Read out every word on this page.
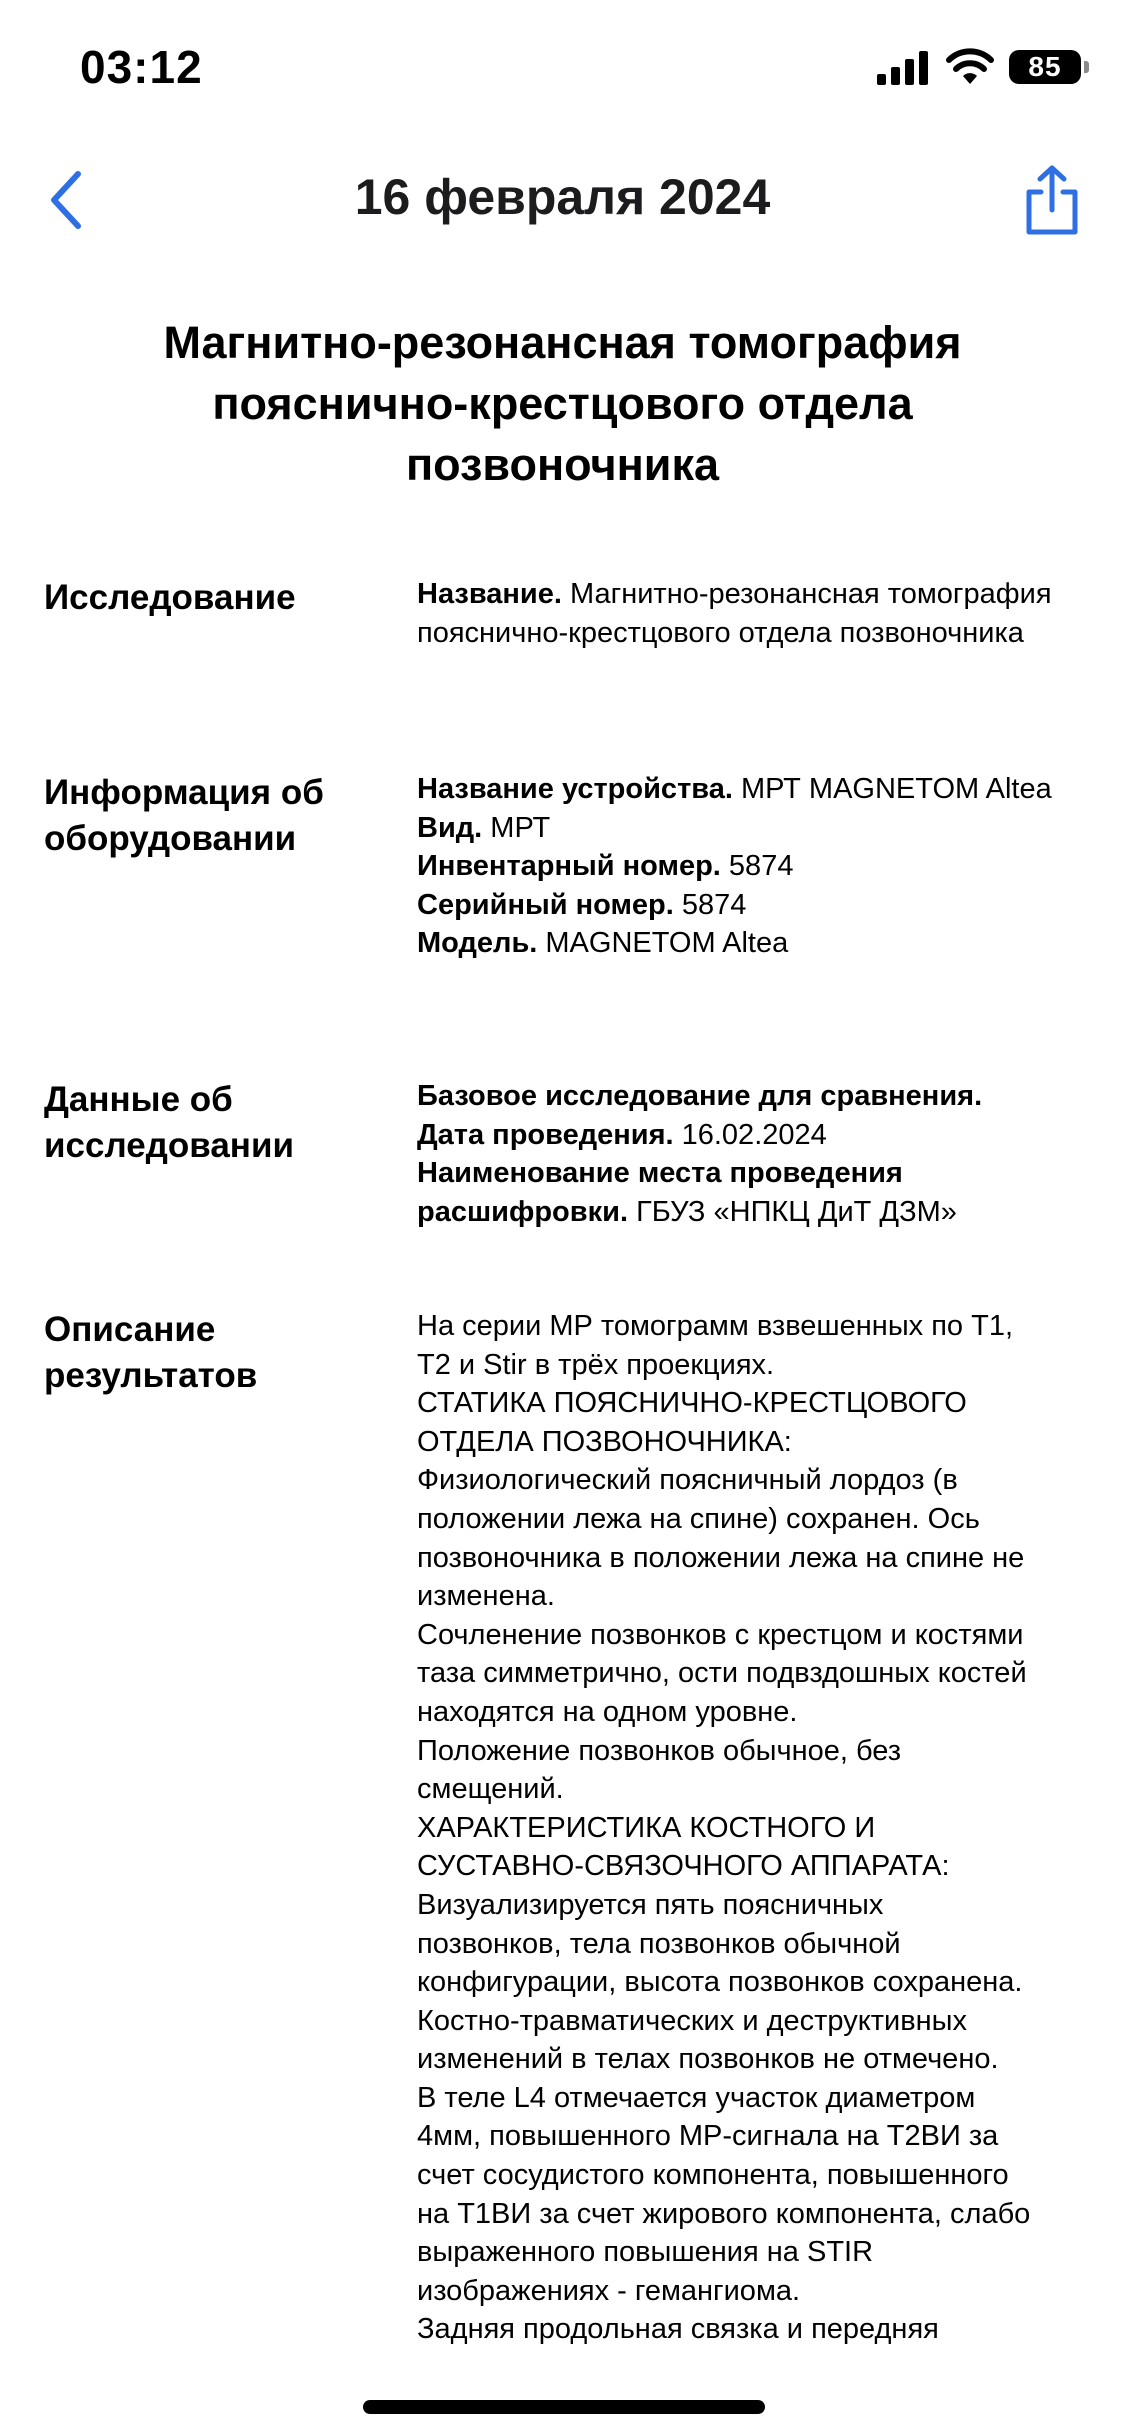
03:12	85
16 февраля 2024
Магнитно-резонансная томография пояснично-крестцового отдела позвоночника
Исследование	Название. Магнитно-резонансная томография пояснично-крестцового отдела позвоночника
Информация об оборудовании
Название устройства. МРТ MAGNETOM Altea
Вид. МРТ
Инвентарный номер. 5874
Серийный номер. 5874
Модель. MAGNETOM Altea
Данные об исследовании
Базовое исследование для сравнения.
Дата проведения. 16.02.2024
Наименование места проведения расшифровки. ГБУЗ «НПКЦ ДиТ ДЗМ»
Описание результатов
На серии МР томограмм взвешенных по Т1,
Т2 и Stir в трёх проекциях.
СТАТИКА ПОЯСНИЧНО-КРЕСТЦОВОГО
ОТДЕЛА ПОЗВОНОЧНИКА:
Физиологический поясничный лордоз (в
положении лежа на спине) сохранен. Ось
позвоночника в положении лежа на спине не
изменена.
Сочленение позвонков с крестцом и костями
таза симметрично, ости подвздошных костей
находятся на одном уровне.
Положение позвонков обычное, без
смещений.
ХАРАКТЕРИСТИКА КОСТНОГО И
СУСТАВНО-СВЯЗОЧНОГО АППАРАТА:
Визуализируется пять поясничных
позвонков, тела позвонков обычной
конфигурации, высота позвонков сохранена.
Костно-травматических и деструктивных
изменений в телах позвонков не отмечено.
В теле L4 отмечается участок диаметром
4мм, повышенного МР-сигнала на Т2ВИ за
счет сосудистого компонента, повышенного
на Т1ВИ за счет жирового компонента, слабо
выраженного повышения на STIR
изображениях - гемангиома.
Задняя продольная связка и передняя
